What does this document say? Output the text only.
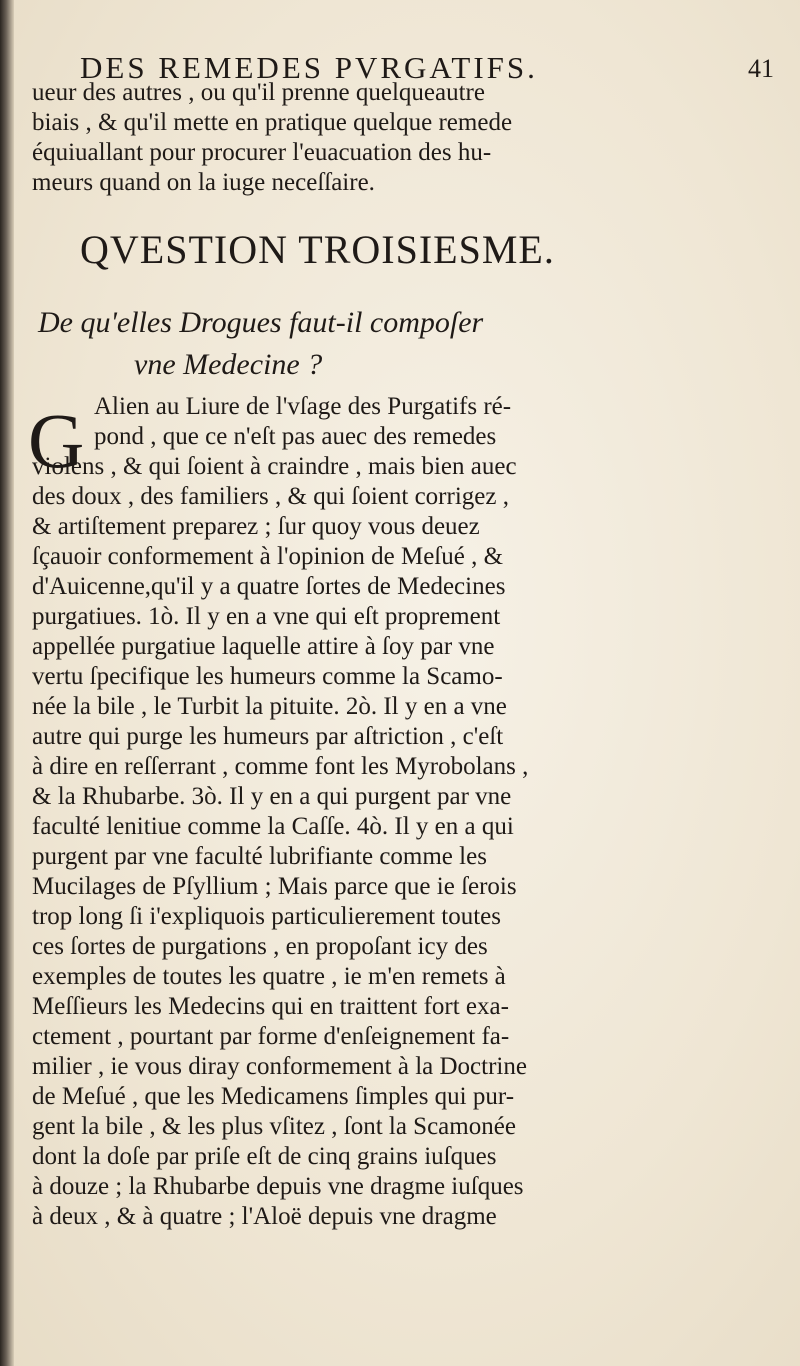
DES REMEDES PVRGATIFS.	41
ueur des autres , ou qu'il prenne quelqueautre
biais , & qu'il mette en pratique quelque remede
équiuallant pour procurer l'euacuation des hu-
meurs quand on la iuge neceſſaire.
QVESTION TROISIESME.
De qu'elles Drogues faut-il compoſer
vne Medecine ?
G Alien au Liure de l'vſage des Purgatifs ré-
pond , que ce n'eſt pas auec des remedes
violens , & qui ſoient à craindre , mais bien auec
des doux , des familiers , & qui ſoient corrigez ,
& artiſtement preparez ; ſur quoy vous deuez
ſçauoir conformement à l'opinion de Meſué , &
d'Auicenne,qu'il y a quatre ſortes de Medecines
purgatiues. 1ò. Il y en a vne qui eſt proprement
appellée purgatiue laquelle attire à ſoy par vne
vertu ſpecifique les humeurs comme la Scamo-
née la bile , le Turbit la pituite. 2ò. Il y en a vne
autre qui purge les humeurs par aſtriction , c'eſt
à dire en reſſerrant , comme font les Myrobolans ,
& la Rhubarbe. 3ò. Il y en a qui purgent par vne
faculté lenitiue comme la Caſſe. 4ò. Il y en a qui
purgent par vne faculté lubrifiante comme les
Mucilages de Pſyllium ; Mais parce que ie ſerois
trop long ſi i'expliquois particulierement toutes
ces ſortes de purgations , en propoſant icy des
exemples de toutes les quatre , ie m'en remets à
Meſſieurs les Medecins qui en traittent fort exa-
ctement , pourtant par forme d'enſeignement fa-
milier , ie vous diray conformement à la Doctrine
de Meſué , que les Medicamens ſimples qui pur-
gent la bile , & les plus vſitez , ſont la Scamonée
dont la doſe par priſe eſt de cinq grains iuſques
à douze ; la Rhubarbe depuis vne dragme iuſques
à deux , & à quatre ; l'Aloë depuis vne dragme
